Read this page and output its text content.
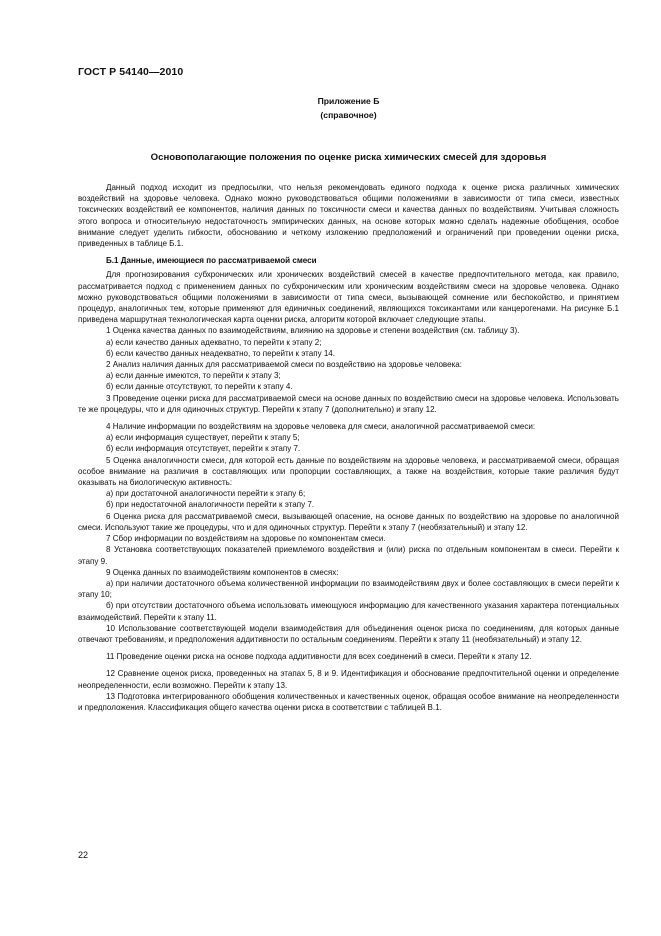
ГОСТ Р 54140—2010
Приложение Б
(справочное)
Основополагающие положения по оценке риска химических смесей для здоровья

Данный подход исходит из предпосылки, что нельзя рекомендовать единого подхода к оценке риска различных химических воздействий на здоровье человека. Однако можно руководствоваться общими положениями в зависимости от типа смеси, известных токсических воздействий ее компонентов, наличия данных по токсичности смеси и качества данных по воздействиям. Учитывая сложность этого вопроса и относительную недостаточность эмпирических данных, на основе которых можно сделать надежные обобщения, особое внимание следует уделить гибкости, обоснованию и четкому изложению предположений и ограничений при проведении оценки риска, приведенных в таблице Б.1.

Б.1 Данные, имеющиеся по рассматриваемой смеси

Для прогнозирования субхронических или хронических воздействий смесей в качестве предпочтительного метода, как правило, рассматривается подход с применением данных по субхроническим или хроническим воздействиям смеси на здоровье человека. Однако можно руководствоваться общими положениями в зависимости от типа смеси, вызывающей сомнение или беспокойство, и принятием процедур, аналогичных тем, которые применяют для единичных соединений, являющихся токсикантами или канцерогенами. На рисунке Б.1 приведена маршрутная технологическая карта оценки риска, алгоритм которой включает следующие этапы.

1 Оценка качества данных по взаимодействиям, влиянию на здоровье и степени воздействия (см. таблицу 3).

а) если качество данных адекватно, то перейти к этапу 2;

б) если качество данных неадекватно, то перейти к этапу 14.

2 Анализ наличия данных для рассматриваемой смеси по воздействию на здоровье человека:

а) если данные имеются, то перейти к этапу 3;

б) если данные отсутствуют, то перейти к этапу 4.

3 Проведение оценки риска для рассматриваемой смеси на основе данных по воздействию смеси на здоровье человека. Использовать те же процедуры, что и для одиночных структур. Перейти к этапу 7 (дополнительно) и этапу 12.

4 Наличие информации по воздействиям на здоровье человека для смеси, аналогичной рассматриваемой смеси:

а) если информация существует, перейти к этапу 5;

б) если информация отсутствует, перейти к этапу 7.

5 Оценка аналогичности смеси, для которой есть данные по воздействиям на здоровье человека, и рассматриваемой смеси, обращая особое внимание на различия в составляющих или пропорции составляющих, а также на воздействия, которые такие различия будут оказывать на биологическую активность:

а) при достаточной аналогичности перейти к этапу 6;

б) при недостаточной аналогичности перейти к этапу 7.

6 Оценка риска для рассматриваемой смеси, вызывающей опасение, на основе данных по воздействию на здоровье по аналогичной смеси. Используют такие же процедуры, что и для одиночных структур. Перейти к этапу 7 (необязательный) и этапу 12.

7 Сбор информации по воздействиям на здоровье по компонентам смеси.

8 Установка соответствующих показателей приемлемого воздействия и (или) риска по отдельным компонентам в смеси. Перейти к этапу 9.

9 Оценка данных по взаимодействиям компонентов в смесях:

а) при наличии достаточного объема количественной информации по взаимодействиям двух и более составляющих в смеси перейти к этапу 10;

б) при отсутствии достаточного объема использовать имеющуюся информацию для качественного указания характера потенциальных взаимодействий. Перейти к этапу 11.

10 Использование соответствующей модели взаимодействия для объединения оценок риска по соединениям, для которых данные отвечают требованиям, и предположения аддитивности по остальным соединениям. Перейти к этапу 11 (необязательный) и этапу 12.

11 Проведение оценки риска на основе подхода аддитивности для всех соединений в смеси. Перейти к этапу 12.

12 Сравнение оценок риска, проведенных на этапах 5, 8 и 9. Идентификация и обоснование предпочтительной оценки и определение неопределенности, если возможно. Перейти к этапу 13.

13 Подготовка интегрированного обобщения количественных и качественных оценок, обращая особое внимание на неопределенности и предположения. Классификация общего качества оценки риска в соответствии с таблицей В.1.

22
